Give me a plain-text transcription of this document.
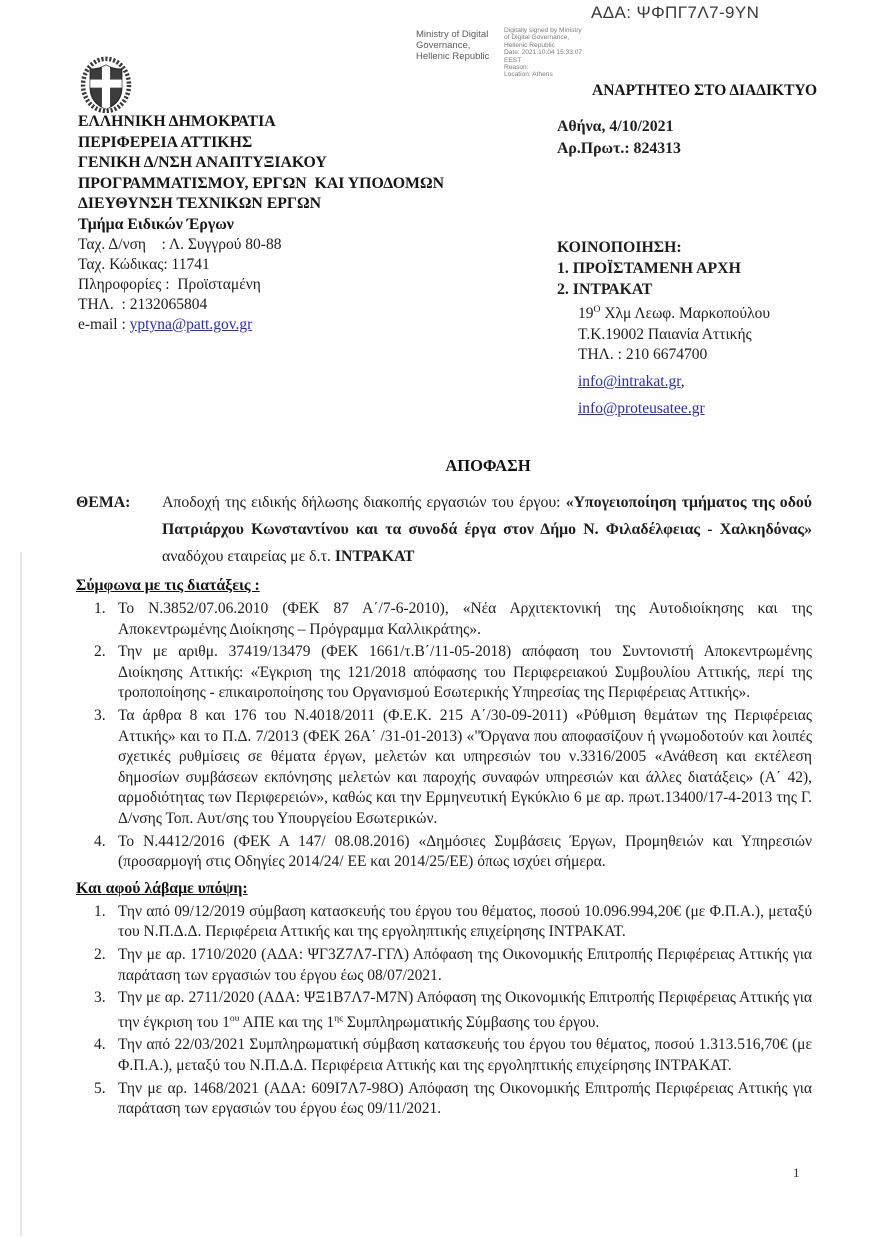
ΑΔΑ: ΨΦΠΓ7Λ7-9ΥΝ
Ministry of Digital
Governance,
Hellenic Republic
Digitally signed by Ministry
of Digital Governance,
Hellenic Republic
Date: 2021.10.04 15:33:07
EEST
Reason:
Location: Athens
ΑΝΑΡΤΗΤΕΟ ΣΤΟ ΔΙΑΔΙΚΤΥΟ
ΕΛΛΗΝΙΚΗ ΔΗΜΟΚΡΑΤΙΑ
ΠΕΡΙΦΕΡΕΙΑ ΑΤΤΙΚΗΣ
ΓΕΝΙΚΗ Δ/ΝΣΗ ΑΝΑΠΤΥΞΙΑΚΟΥ
ΠΡΟΓΡΑΜΜΑΤΙΣΜΟΥ, ΕΡΓΩΝ  ΚΑΙ ΥΠΟΔΟΜΩΝ
ΔΙΕΥΘΥΝΣΗ ΤΕΧΝΙΚΩΝ ΕΡΓΩΝ
Τμήμα Ειδικών Έργων
Ταχ. Δ/νση    : Λ. Συγγρού 80-88
Ταχ. Κώδικας: 11741
Πληροφορίες :  Προϊσταμένη
ΤΗΛ.  : 2132065804
e-mail : yptyna@patt.gov.gr
Αθήνα, 4/10/2021
Αρ.Πρωτ.: 824313
ΚΟΙΝΟΠΟΙΗΣΗ:
1. ΠΡΟΪΣΤΑΜΕΝΗ ΑΡΧΗ
2. ΙΝΤΡΑΚΑΤ
$19^O$ Χλμ Λεωφ. Μαρκοπούλου
Τ.Κ.19002 Παιανία Αττικής
ΤΗΛ. : 210 6674700
info@intrakat.gr,
info@proteusatee.gr
ΑΠΟΦΑΣΗ
ΘΕΜΑ:	Αποδοχή της ειδικής δήλωσης διακοπής εργασιών του έργου: «Υπογειοποίηση τμήματος της οδού Πατριάρχου Κωνσταντίνου και τα συνοδά έργα στον Δήμο Ν. Φιλαδέλφειας - Χαλκηδόνας» αναδόχου εταιρείας με δ.τ. ΙΝΤΡΑΚΑΤ
Σύμφωνα με τις διατάξεις :
1. Το Ν.3852/07.06.2010 (ΦΕΚ 87 Α΄/7-6-2010), «Νέα Αρχιτεκτονική της Αυτοδιοίκησης και της Αποκεντρωμένης Διοίκησης – Πρόγραμμα Καλλικράτης».
2. Την με αριθμ. 37419/13479 (ΦΕΚ 1661/τ.Β΄/11-05-2018) απόφαση του Συντονιστή Αποκεντρωμένης Διοίκησης Αττικής: «Έγκριση της 121/2018 απόφασης του Περιφερειακού Συμβουλίου Αττικής, περί της τροποποίησης - επικαιροποίησης του Οργανισμού Εσωτερικής Υπηρεσίας της Περιφέρειας Αττικής».
3. Τα άρθρα 8 και 176 του Ν.4018/2011 (Φ.Ε.Κ. 215 Α΄/30-09-2011) «Ρύθμιση θεμάτων της Περιφέρειας Αττικής» και το Π.Δ. 7/2013 (ΦΕΚ 26Α΄ /31-01-2013) «"Όργανα που αποφασίζουν ή γνωμοδοτούν και λοιπές σχετικές ρυθμίσεις σε θέματα έργων, μελετών και υπηρεσιών του ν.3316/2005 «Ανάθεση και εκτέλεση δημοσίων συμβάσεων εκπόνησης μελετών και παροχής συναφών υπηρεσιών και άλλες διατάξεις» (Α΄ 42), αρμοδιότητας των Περιφερειών», καθώς και την Ερμηνευτική Εγκύκλιο 6 με αρ. πρωτ.13400/17-4-2013 της Γ. Δ/νσης Τοπ. Αυτ/σης του Υπουργείου Εσωτερικών.
4. Το Ν.4412/2016 (ΦΕΚ Α 147/ 08.08.2016) «Δημόσιες Συμβάσεις Έργων, Προμηθειών και Υπηρεσιών (προσαρμογή στις Οδηγίες 2014/24/ ΕΕ και 2014/25/ΕΕ) όπως ισχύει σήμερα.
Και αφού λάβαμε υπόψη:
1. Την από 09/12/2019 σύμβαση κατασκευής του έργου του θέματος, ποσού 10.096.994,20€ (με Φ.Π.Α.), μεταξύ του Ν.Π.Δ.Δ. Περιφέρεια Αττικής και της εργοληπτικής επιχείρησης ΙΝΤΡΑΚΑΤ.
2. Την με αρ. 1710/2020 (ΑΔΑ: ΨΓ3Ζ7Λ7-ΓΓΛ) Απόφαση της Οικονομικής Επιτροπής Περιφέρειας Αττικής για παράταση των εργασιών του έργου έως 08/07/2021.
3. Την με αρ. 2711/2020 (ΑΔΑ: ΨΞ1Β7Λ7-Μ7Ν) Απόφαση της Οικονομικής Επιτροπής Περιφέρειας Αττικής για την έγκριση του $1^{o\upsilon}$ ΑΠΕ και της $1^{\eta\varsigma}$ Συμπληρωματικής Σύμβασης του έργου.
4. Την από 22/03/2021 Συμπληρωματική σύμβαση κατασκευής του έργου του θέματος, ποσού 1.313.516,70€ (με Φ.Π.Α.), μεταξύ του Ν.Π.Δ.Δ. Περιφέρεια Αττικής και της εργοληπτικής επιχείρησης ΙΝΤΡΑΚΑΤ.
5. Την με αρ. 1468/2021 (ΑΔΑ: 609Ι7Λ7-98Ο) Απόφαση της Οικονομικής Επιτροπής Περιφέρειας Αττικής για παράταση των εργασιών του έργου έως 09/11/2021.
1
